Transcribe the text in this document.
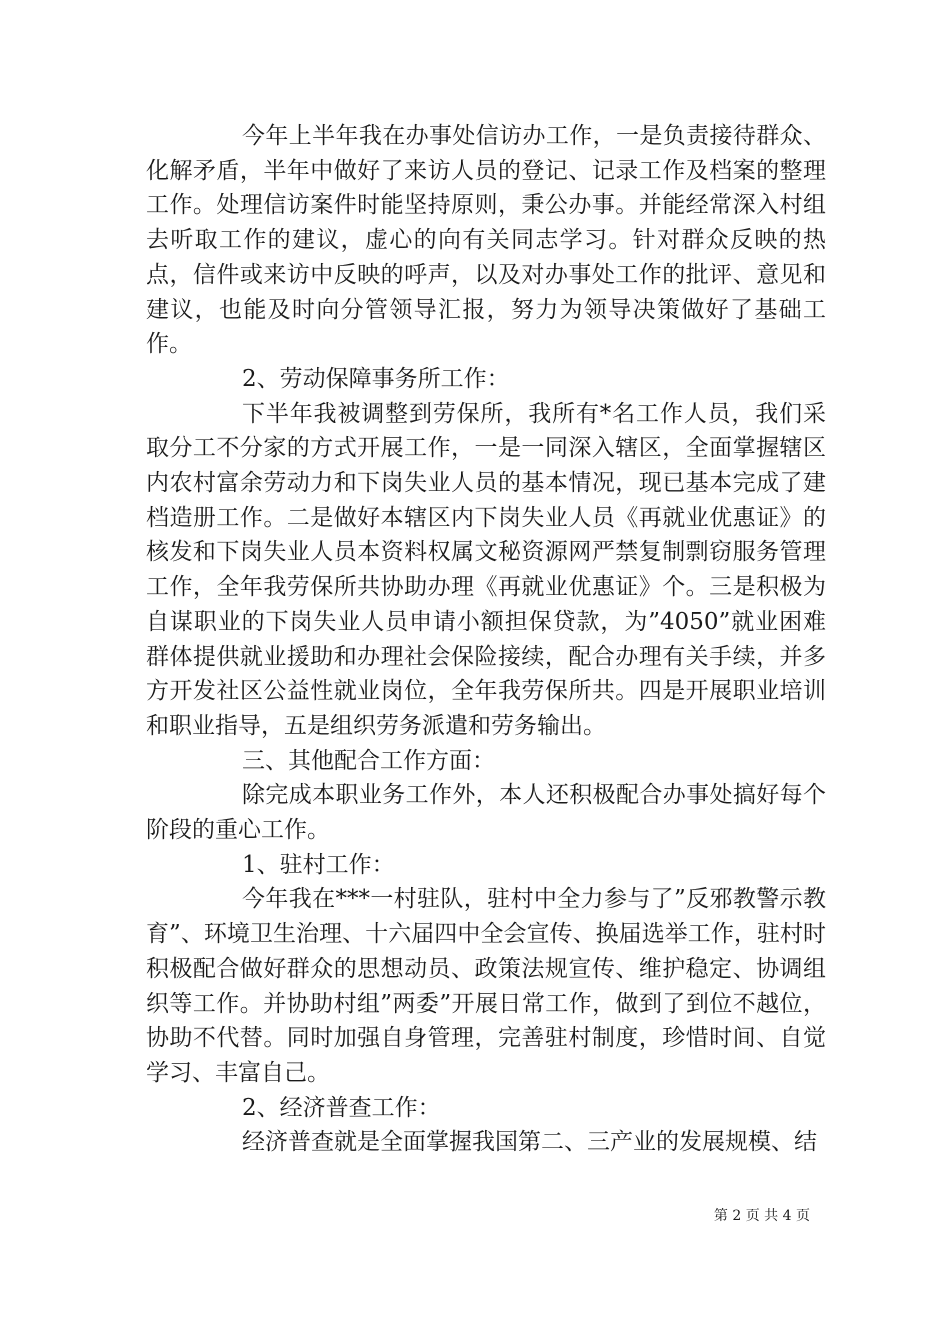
今年上半年我在办事处信访办工作，一是负责接待群众、化解矛盾，半年中做好了来访人员的登记、记录工作及档案的整理工作。处理信访案件时能坚持原则，秉公办事。并能经常深入村组去听取工作的建议，虚心的向有关同志学习。针对群众反映的热点，信件或来访中反映的呼声，以及对办事处工作的批评、意见和建议，也能及时向分管领导汇报，努力为领导决策做好了基础工作。

2、劳动保障事务所工作：

下半年我被调整到劳保所，我所有*名工作人员，我们采取分工不分家的方式开展工作，一是一同深入辖区，全面掌握辖区内农村富余劳动力和下岗失业人员的基本情况，现已基本完成了建档造册工作。二是做好本辖区内下岗失业人员《再就业优惠证》的核发和下岗失业人员本资料权属文秘资源网严禁复制剽窃服务管理工作，全年我劳保所共协助办理《再就业优惠证》个。三是积极为自谋职业的下岗失业人员申请小额担保贷款，为”4050”就业困难群体提供就业援助和办理社会保险接续，配合办理有关手续，并多方开发社区公益性就业岗位，全年我劳保所共。四是开展职业培训和职业指导，五是组织劳务派遣和劳务输出。

三、其他配合工作方面：

除完成本职业务工作外，本人还积极配合办事处搞好每个阶段的重心工作。

1、驻村工作：

今年我在***一村驻队，驻村中全力参与了”反邪教警示教育”、环境卫生治理、十六届四中全会宣传、换届选举工作，驻村时积极配合做好群众的思想动员、政策法规宣传、维护稳定、协调组织等工作。并协助村组”两委”开展日常工作，做到了到位不越位，协助不代替。同时加强自身管理，完善驻村制度，珍惜时间、自觉学习、丰富自己。

2、经济普查工作：

经济普查就是全面掌握我国第二、三产业的发展规模、结

第 2 页 共 4 页
